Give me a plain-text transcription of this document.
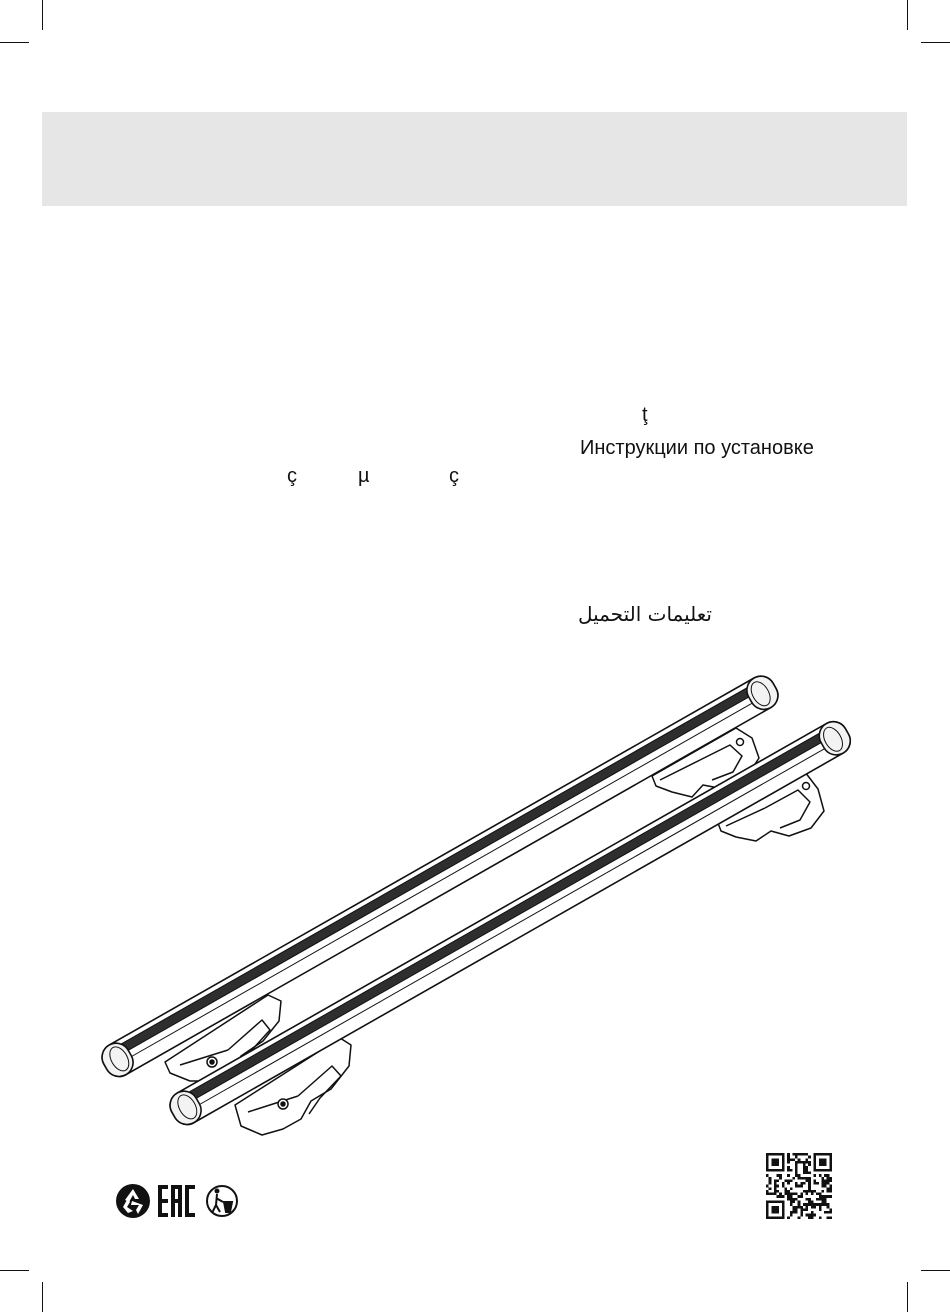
ţ
Инструкции по установке
ç	µ	ç
تعليمات التحميل
